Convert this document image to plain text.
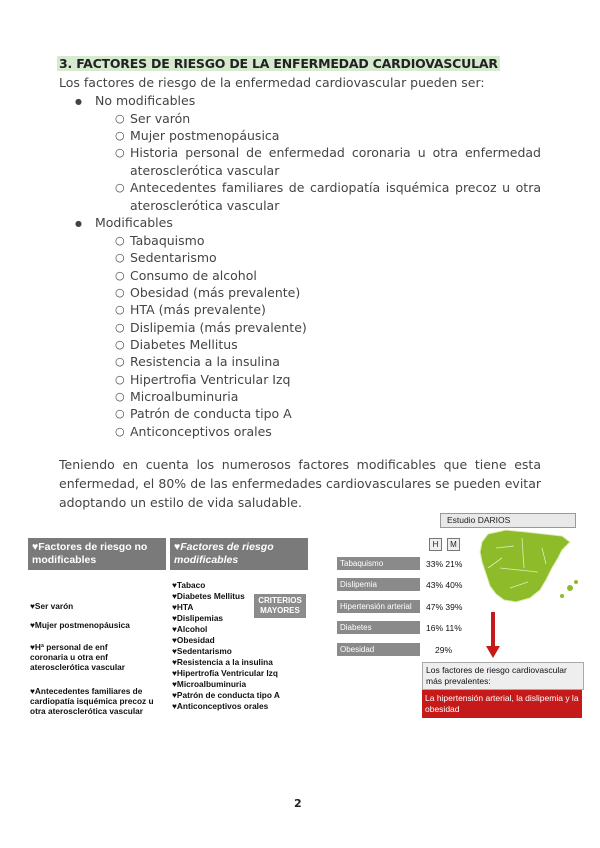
3. FACTORES DE RIESGO DE LA ENFERMEDAD CARDIOVASCULAR
Los factores de riesgo de la enfermedad cardiovascular pueden ser:
● No modificables
○ Ser varón
○ Mujer postmenopáusica
○ Historia personal de enfermedad coronaria u otra enfermedad aterosclerótica vascular
○ Antecedentes familiares de cardiopatía isquémica precoz u otra aterosclerótica vascular
● Modificables
○ Tabaquismo
○ Sedentarismo
○ Consumo de alcohol
○ Obesidad (más prevalente)
○ HTA (más prevalente)
○ Dislipemia (más prevalente)
○ Diabetes Mellitus
○ Resistencia a la insulina
○ Hipertrofia Ventricular Izq
○ Microalbuminuria
○ Patrón de conducta tipo A
○ Anticonceptivos orales
Teniendo en cuenta los numerosos factores modificables que tiene esta enfermedad, el 80% de las enfermedades cardiovasculares se pueden evitar adoptando un estilo de vida saludable.
♥Factores de riesgo no modificables
♥Ser varón
♥Mujer postmenopáusica
♥Hª personal de enf coronaria u otra enf aterosclerótica vascular
♥Antecedentes familiares de cardiopatía isquémica precoz u otra aterosclerótica vascular
♥Factores de riesgo modificables
♥Tabaco
♥Diabetes Mellitus
♥HTA
♥Dislipemias
♥Alcohol
♥Obesidad
♥Sedentarismo
♥Resistencia a la insulina
♥Hipertrofia Ventricular Izq
♥Microalbuminuria
♥Patrón de conducta tipo A
♥Anticonceptivos orales
CRITERIOS MAYORES
Estudio DARIOS
H	M
Tabaquismo	33% 21%
Dislipemia	43% 40%
Hipertensión arterial	47% 39%
Diabetes	16% 11%
Obesidad	29%
Los factores de riesgo cardiovascular más prevalentes:
La hipertensión arterial, la dislipemia y la obesidad
2
